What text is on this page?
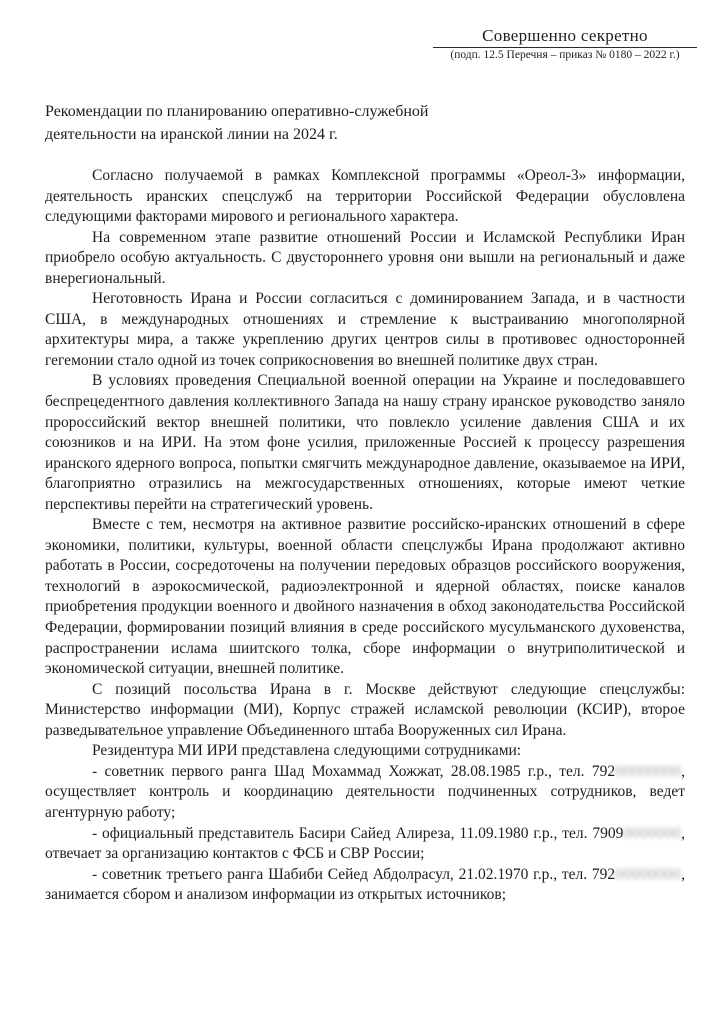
Совершенно секретно
(подп. 12.5 Перечня – приказ № 0180 – 2022 г.)
Рекомендации по планированию оперативно-служебной
деятельности на иранской линии на 2024 г.
Согласно получаемой в рамках Комплексной программы «Ореол-3» информации, деятельность иранских спецслужб на территории Российской Федерации обусловлена следующими факторами мирового и регионального характера.
На современном этапе развитие отношений России и Исламской Республики Иран приобрело особую актуальность. С двустороннего уровня они вышли на региональный и даже внерегиональный.
Неготовность Ирана и России согласиться с доминированием Запада, и в частности США, в международных отношениях и стремление к выстраиванию многополярной архитектуры мира, а также укреплению других центров силы в противовес односторонней гегемонии стало одной из точек соприкосновения во внешней политике двух стран.
В условиях проведения Специальной военной операции на Украине и последовавшего беспрецедентного давления коллективного Запада на нашу страну иранское руководство заняло пророссийский вектор внешней политики, что повлекло усиление давления США и их союзников и на ИРИ. На этом фоне усилия, приложенные Россией к процессу разрешения иранского ядерного вопроса, попытки смягчить международное давление, оказываемое на ИРИ, благоприятно отразились на межгосударственных отношениях, которые имеют четкие перспективы перейти на стратегический уровень.
Вместе с тем, несмотря на активное развитие российско-иранских отношений в сфере экономики, политики, культуры, военной области спецслужбы Ирана продолжают активно работать в России, сосредоточены на получении передовых образцов российского вооружения, технологий в аэрокосмической, радиоэлектронной и ядерной областях, поиске каналов приобретения продукции военного и двойного назначения в обход законодательства Российской Федерации, формировании позиций влияния в среде российского мусульманского духовенства, распространении ислама шиитского толка, сборе информации о внутриполитической и экономической ситуации, внешней политике.
С позиций посольства Ирана в г. Москве действуют следующие спецслужбы: Министерство информации (МИ), Корпус стражей исламской революции (КСИР), второе разведывательное управление Объединенного штаба Вооруженных сил Ирана.
Резидентура МИ ИРИ представлена следующими сотрудниками:
- советник первого ранга Шад Мохаммад Хожжат, 28.08.1985 г.р., тел. 79200000000, осуществляет контроль и координацию деятельности подчиненных сотрудников, ведет агентурную работу;
- официальный представитель Басири Сайед Алиреза, 11.09.1980 г.р., тел. 79090000000, отвечает за организацию контактов с ФСБ и СВР России;
- советник третьего ранга Шабиби Сейед Абдолрасул, 21.02.1970 г.р., тел. 79200000000, занимается сбором и анализом информации из открытых источников;
